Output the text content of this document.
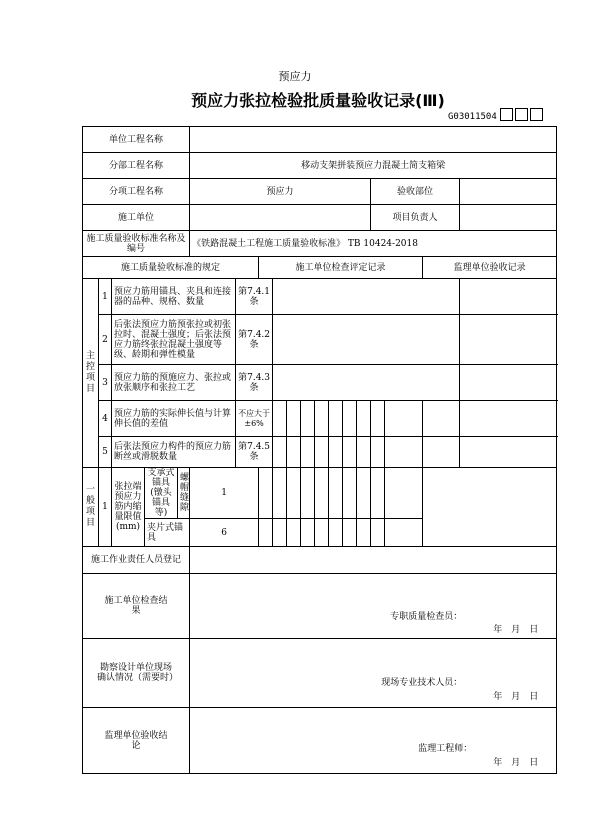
预应力
预应力张拉检验批质量验收记录(Ⅲ)
G03011504
单位工程名称																		
分部工程名称					移动支架拼装预应力混凝土简支箱梁													
分项工程名称					预应力										验收部位			
施工单位															项目负责人			
施工质量验收标准名称及编号					《铁路混凝土工程施工质量验收标准》 TB 10424-2018													
施工质量验收标准的规定							施工单位检查评定记录										监理单位验收记录	
主控项目	1	预应力筋用锚具、夹具和连接器的品种、规格、数量				第7.4.1条												
	2	后张法预应力筋预张拉或初张拉时、混凝土强度；后张法预应力筋终张拉混凝土强度等级、龄期和弹性模量				第7.4.2条												
	3	预应力筋的预施应力、张拉或放张顺序和张拉工艺				第7.4.3条												
	4	预应力筋的实际伸长值与计算伸长值的差值				不应大于±6%												
	5	后张法预应力构件的预应力筋断丝或滑脱数量				第7.4.5条												
一般项目	1	张拉端预应力筋内缩量限值(mm)	支承式锚具(镦头锚具等)	螺帽缝隙	1													
			夹片式锚具		6													
施工作业责任人员登记																		
施工单位检查结果					专职质量检查员：													
					年　月　日													
勘察设计单位现场确认情况（需要时）					现场专业技术人员：													
					年　月　日													
监理单位验收结论					监理工程师：													
					年　月　日													
